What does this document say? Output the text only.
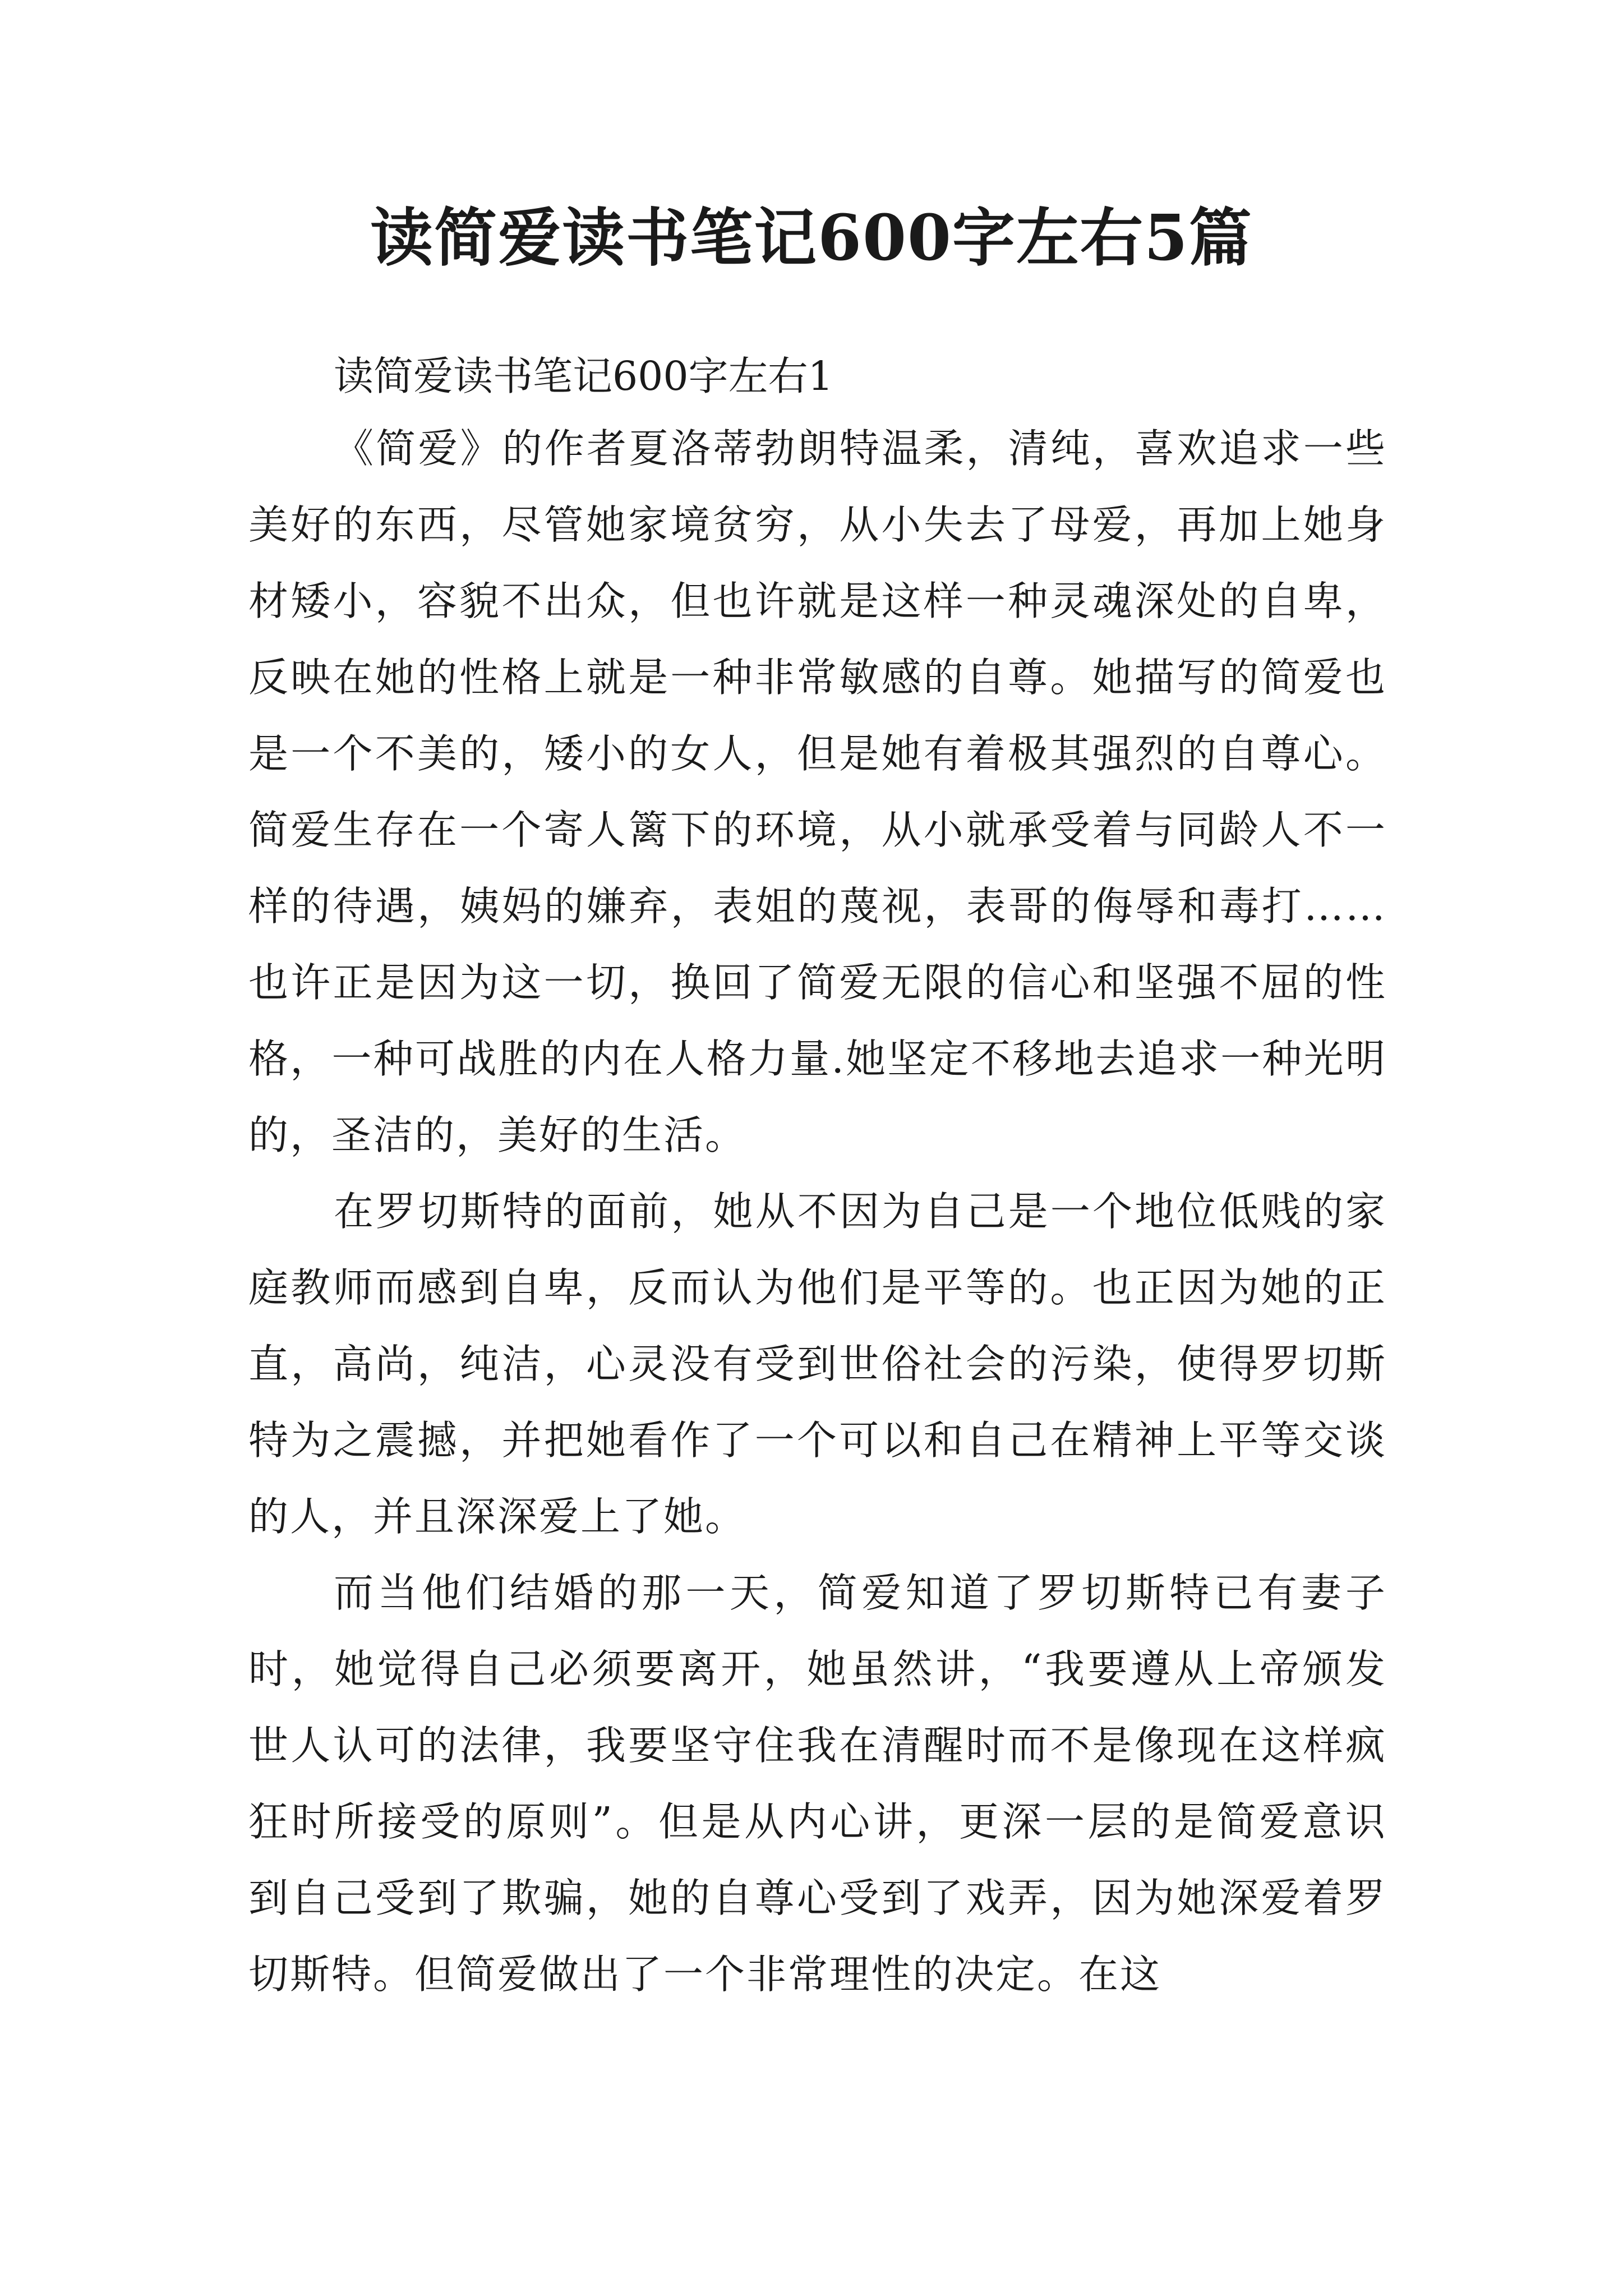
读简爱读书笔记600字左右5篇
读简爱读书笔记600字左右1

《简爱》的作者夏洛蒂勃朗特温柔，清纯，喜欢追求一些美好的东西，尽管她家境贫穷，从小失去了母爱，再加上她身材矮小，容貌不出众，但也许就是这样一种灵魂深处的自卑，反映在她的性格上就是一种非常敏感的自尊。她描写的简爱也是一个不美的，矮小的女人，但是她有着极其强烈的自尊心。简爱生存在一个寄人篱下的环境，从小就承受着与同龄人不一样的待遇，姨妈的嫌弃，表姐的蔑视，表哥的侮辱和毒打……也许正是因为这一切，换回了简爱无限的信心和坚强不屈的性格，一种可战胜的内在人格力量.她坚定不移地去追求一种光明的，圣洁的，美好的生活。

在罗切斯特的面前，她从不因为自己是一个地位低贱的家庭教师而感到自卑，反而认为他们是平等的。也正因为她的正直，高尚，纯洁，心灵没有受到世俗社会的污染，使得罗切斯特为之震撼，并把她看作了一个可以和自己在精神上平等交谈的人，并且深深爱上了她。

而当他们结婚的那一天，简爱知道了罗切斯特已有妻子时，她觉得自己必须要离开，她虽然讲，“我要遵从上帝颁发世人认可的法律，我要坚守住我在清醒时而不是像现在这样疯狂时所接受的原则”。但是从内心讲，更深一层的是简爱意识到自己受到了欺骗，她的自尊心受到了戏弄，因为她深爱着罗切斯特。但简爱做出了一个非常理性的决定。在这
